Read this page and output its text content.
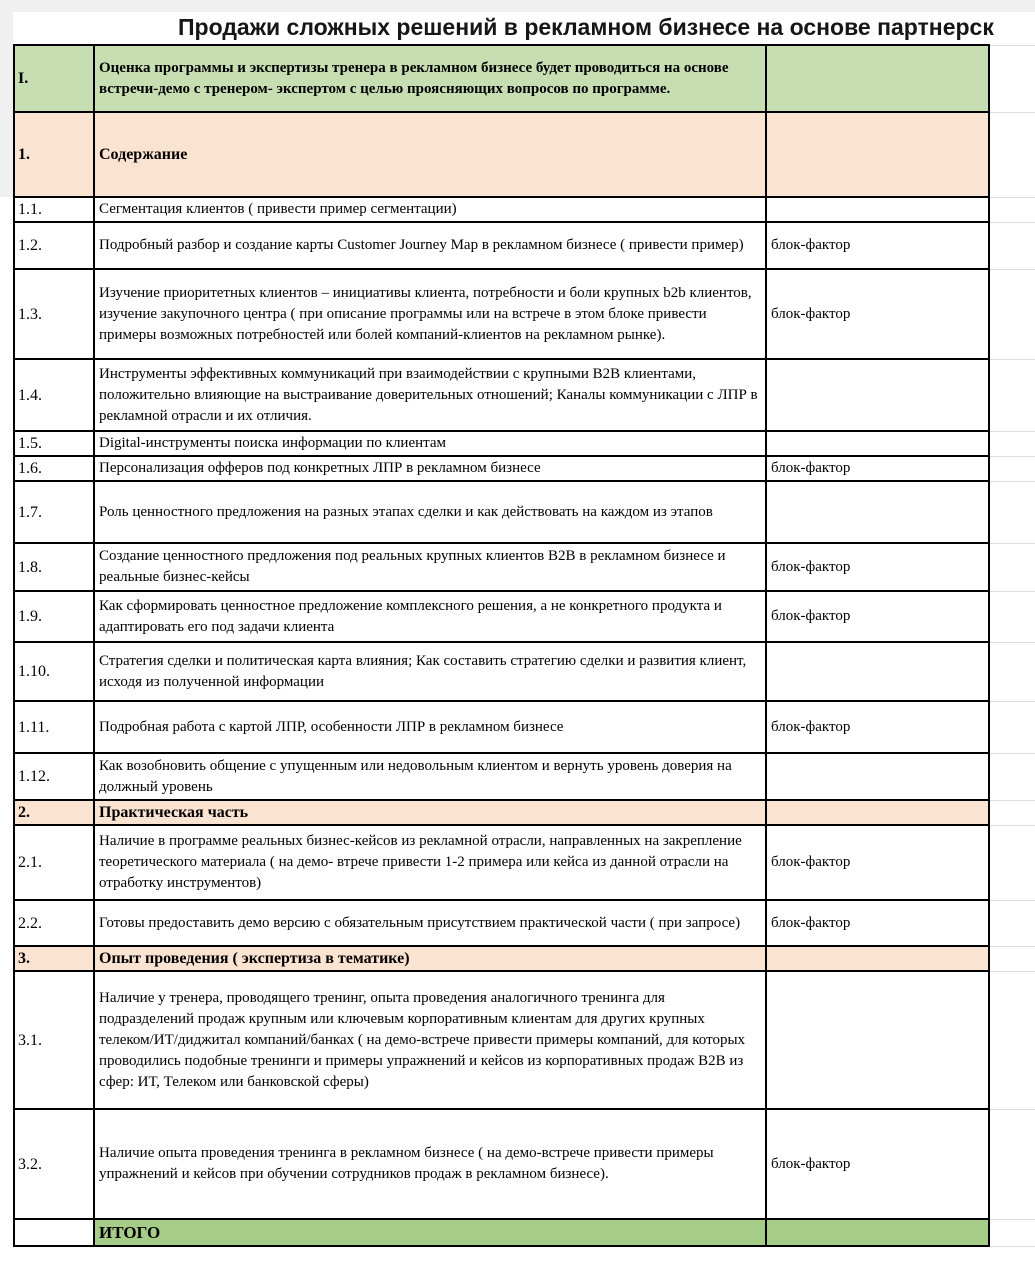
Продажи сложных решений в рекламном бизнесе на основе партнерск
I.	Оценка программы и экспертизы тренера в рекламном бизнесе будет проводиться на основе встречи-демо с тренером- экспертом с целью проясняющих вопросов по программе.		
1.	Содержание		
1.1.	Сегментация клиентов ( привести пример сегментации)		
1.2.	Подробный разбор и создание карты Customer Journey Map в рекламном бизнесе ( привести пример)	блок-фактор	
1.3.	Изучение приоритетных клиентов – инициативы клиента, потребности и боли крупных b2b клиентов, изучение закупочного центра ( при описание программы или на встрече в этом блоке привести примеры возможных потребностей или болей компаний-клиентов на рекламном рынке).	блок-фактор	
1.4.	Инструменты эффективных коммуникаций при взаимодействии с крупными B2B клиентами, положительно влияющие на выстраивание доверительных отношений; Каналы коммуникации с ЛПР в рекламной отрасли и их отличия.		
1.5.	Digital-инструменты поиска информации по клиентам		
1.6.	Персонализация офферов под конкретных ЛПР в рекламном бизнесе	блок-фактор	
1.7.	Роль ценностного предложения на разных этапах сделки и как действовать на каждом из этапов		
1.8.	Создание ценностного предложения под реальных крупных клиентов B2B в рекламном бизнесе и реальные бизнес-кейсы	блок-фактор	
1.9.	Как сформировать ценностное предложение комплексного решения, а не конкретного продукта и адаптировать его под задачи клиента	блок-фактор	
1.10.	Стратегия сделки и политическая карта влияния; Как составить стратегию сделки и развития клиент, исходя из полученной информации		
1.11.	Подробная работа с картой ЛПР, особенности ЛПР в рекламном бизнесе	блок-фактор	
1.12.	Как возобновить общение с упущенным или недовольным клиентом и вернуть уровень доверия на должный уровень		
2.	Практическая часть		
2.1.	Наличие в программе реальных бизнес-кейсов из рекламной отрасли, направленных на закрепление теоретического материала ( на демо- втрече привести 1-2 примера или кейса из данной отрасли на отработку инструментов)	блок-фактор	
2.2.	Готовы предоставить демо версию с обязательным присутствием практической части ( при запросе)	блок-фактор	
3.	Опыт проведения ( экспертиза в тематике)		
3.1.	Наличие у тренера, проводящего тренинг, опыта проведения аналогичного тренинга для подразделений продаж крупным или ключевым корпоративным клиентам для других крупных телеком/ИТ/диджитал компаний/банках ( на демо-встрече привести примеры компаний, для которых проводились подобные тренинги и примеры упражнений и кейсов из корпоративных продаж B2B из сфер: ИТ, Телеком или банковской сферы)		
3.2.	Наличие опыта проведения тренинга в рекламном бизнесе ( на демо-встрече привести примеры упражнений и кейсов при обучении сотрудников продаж в рекламном бизнесе).	блок-фактор	
	ИТОГО		
